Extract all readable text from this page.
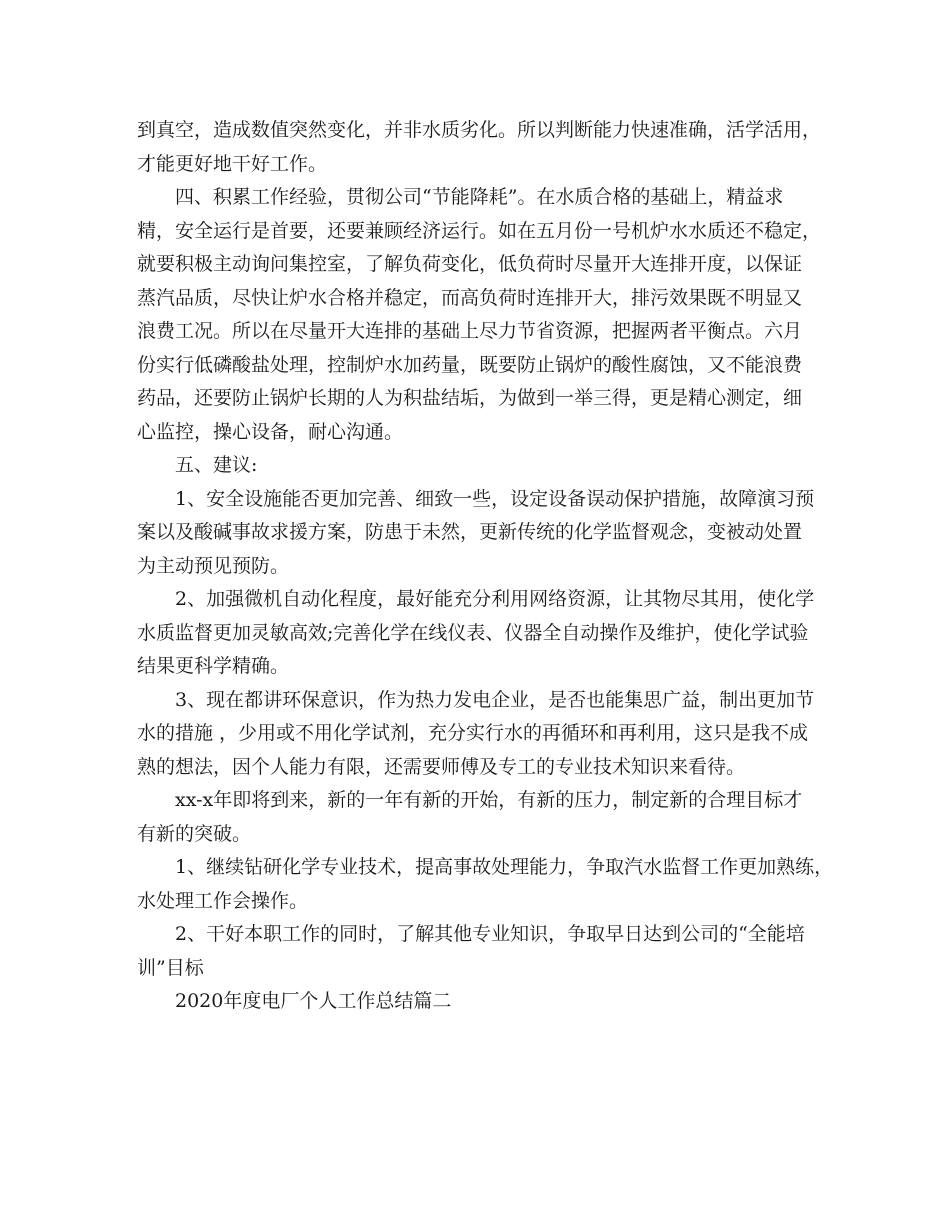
到真空，造成数值突然变化，并非水质劣化。所以判断能力快速准确，活学活用，
才能更好地干好工作。
四、积累工作经验，贯彻公司“节能降耗”。在水质合格的基础上，精益求
精，安全运行是首要，还要兼顾经济运行。如在五月份一号机炉水水质还不稳定，
就要积极主动询问集控室，了解负荷变化，低负荷时尽量开大连排开度，以保证
蒸汽品质，尽快让炉水合格并稳定，而高负荷时连排开大，排污效果既不明显又
浪费工况。所以在尽量开大连排的基础上尽力节省资源，把握两者平衡点。六月
份实行低磷酸盐处理，控制炉水加药量，既要防止锅炉的酸性腐蚀，又不能浪费
药品，还要防止锅炉长期的人为积盐结垢，为做到一举三得，更是精心测定，细
心监控，操心设备，耐心沟通。
五、建议:
1、安全设施能否更加完善、细致一些，设定设备误动保护措施，故障演习预
案以及酸碱事故求援方案，防患于未然，更新传统的化学监督观念，变被动处置
为主动预见预防。
2、加强微机自动化程度，最好能充分利用网络资源，让其物尽其用，使化学
水质监督更加灵敏高效;完善化学在线仪表、仪器全自动操作及维护，使化学试验
结果更科学精确。
3、现在都讲环保意识，作为热力发电企业，是否也能集思广益，制出更加节
水的措施 ，少用或不用化学试剂，充分实行水的再循环和再利用，这只是我不成
熟的想法，因个人能力有限，还需要师傅及专工的专业技术知识来看待。
xx-x年即将到来，新的一年有新的开始，有新的压力，制定新的合理目标才
有新的突破。
1、继续钻研化学专业技术，提高事故处理能力，争取汽水监督工作更加熟练，
水处理工作会操作。
2、干好本职工作的同时，了解其他专业知识，争取早日达到公司的“全能培
训”目标
2020年度电厂个人工作总结篇二
